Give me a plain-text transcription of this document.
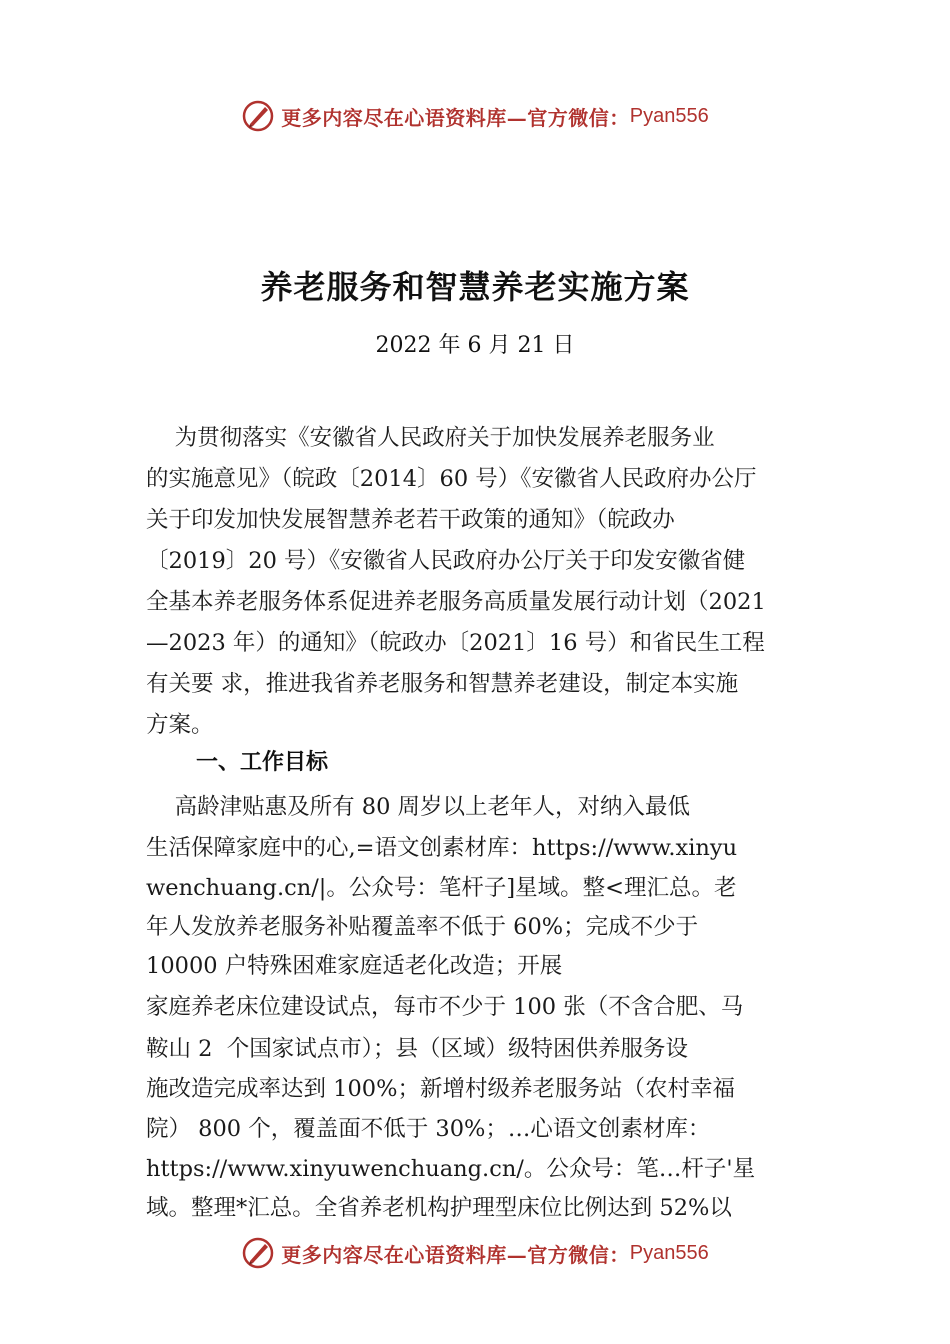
更多内容尽在心语资料库—官方微信： Pyan556
养老服务和智慧养老实施方案
2022 年 6 月 21 日
为贯彻落实《安徽省人民政府关于加快发展养老服务业
的实施意见》（皖政〔2014〕60 号）《安徽省人民政府办公厅
关于印发加快发展智慧养老若干政策的通知》（皖政办
〔2019〕20 号）《安徽省人民政府办公厅关于印发安徽省健
全基本养老服务体系促进养老服务高质量发展行动计划（2021
—2023 年）的通知》（皖政办〔2021〕16 号）和省民生工程
有关要 求，推进我省养老服务和智慧养老建设，制定本实施
方案。
一、工作目标
高龄津贴惠及所有 80 周岁以上老年人，对纳入最低
生活保障家庭中的心,=语文创素材库：https://www.xinyu
wenchuang.cn/|。公众号：笔杆子]星域。整<理汇总。老
年人发放养老服务补贴覆盖率不低于 60%；完成不少于
10000 户特殊困难家庭适老化改造；开展
家庭养老床位建设试点，每市不少于 100 张（不含合肥、马
鞍山 2  个国家试点市）；县（区域）级特困供养服务设
施改造完成率达到 100%；新增村级养老服务站（农村幸福
院） 800 个，覆盖面不低于 30%；…心语文创素材库：
https://www.xinyuwenchuang.cn/。公众号：笔…杆子'星
域。整理*汇总。全省养老机构护理型床位比例达到 52%以
更多内容尽在心语资料库—官方微信： Pyan556
